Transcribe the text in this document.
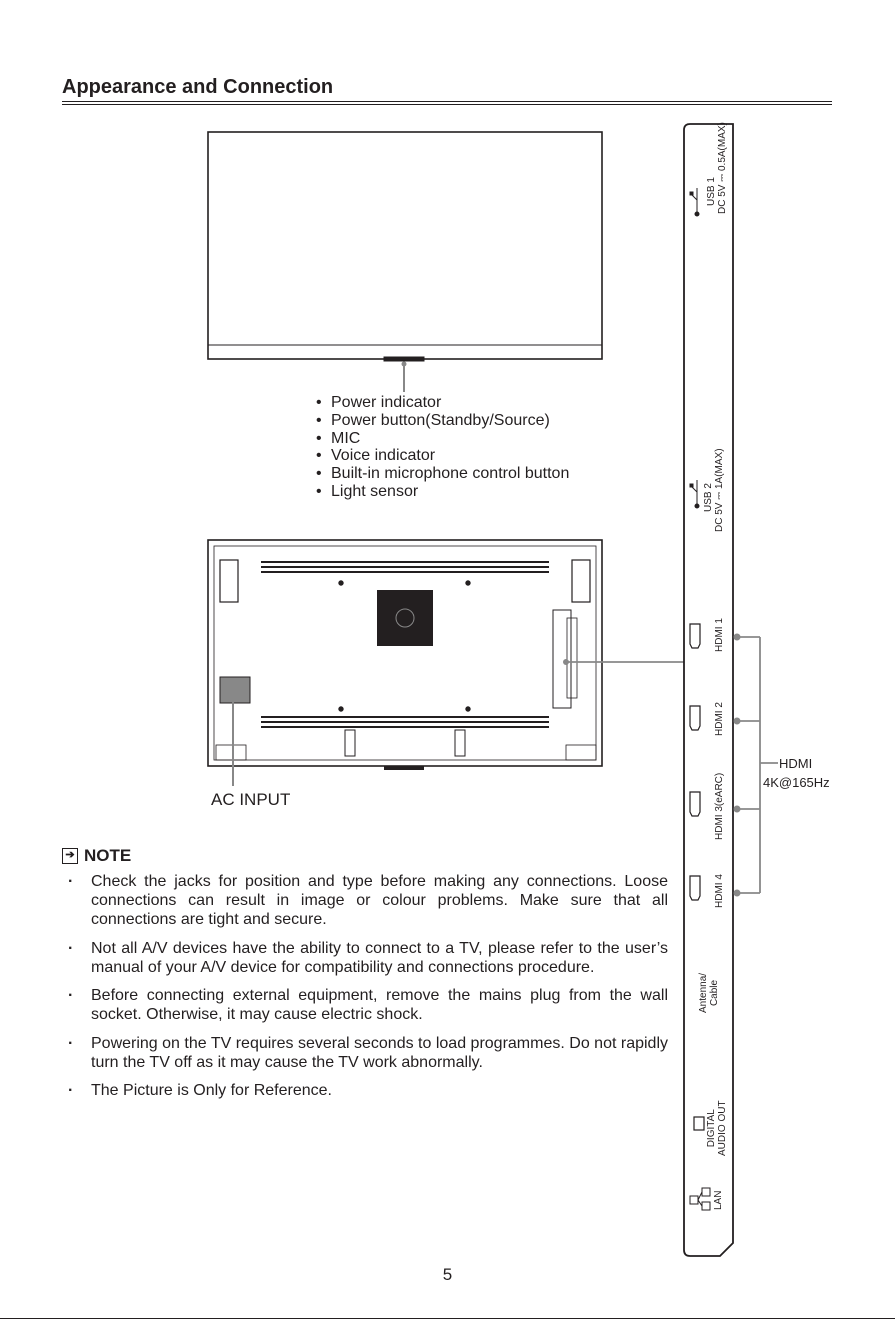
Appearance and Connection
• Power indicator
• Power button(Standby/Source)
• MIC
• Voice indicator
• Built-in microphone control button
• Light sensor
AC INPUT
USB 1 DC 5V ⎓ 0.5A(MAX)
USB 2 DC 5V ⎓ 1A(MAX)
HDMI 1
HDMI 2
HDMI 3(eARC)
HDMI 4
Antenna/ Cable
DIGITAL AUDIO OUT
LAN
HDMI
4K@165Hz
➔ NOTE
· Check the jacks for position and type before making any connections. Loose connections can result in image or colour problems. Make sure that all connections are tight and secure.
· Not all A/V devices have the ability to connect to a TV, please refer to the user’s manual of your A/V device for compatibility and connections procedure.
· Before connecting external equipment, remove the mains plug from the wall socket. Otherwise, it may cause electric shock.
· Powering on the TV requires several seconds to load programmes. Do not rapidly turn the TV off as it may cause the TV work abnormally.
· The Picture is Only for Reference.
5
